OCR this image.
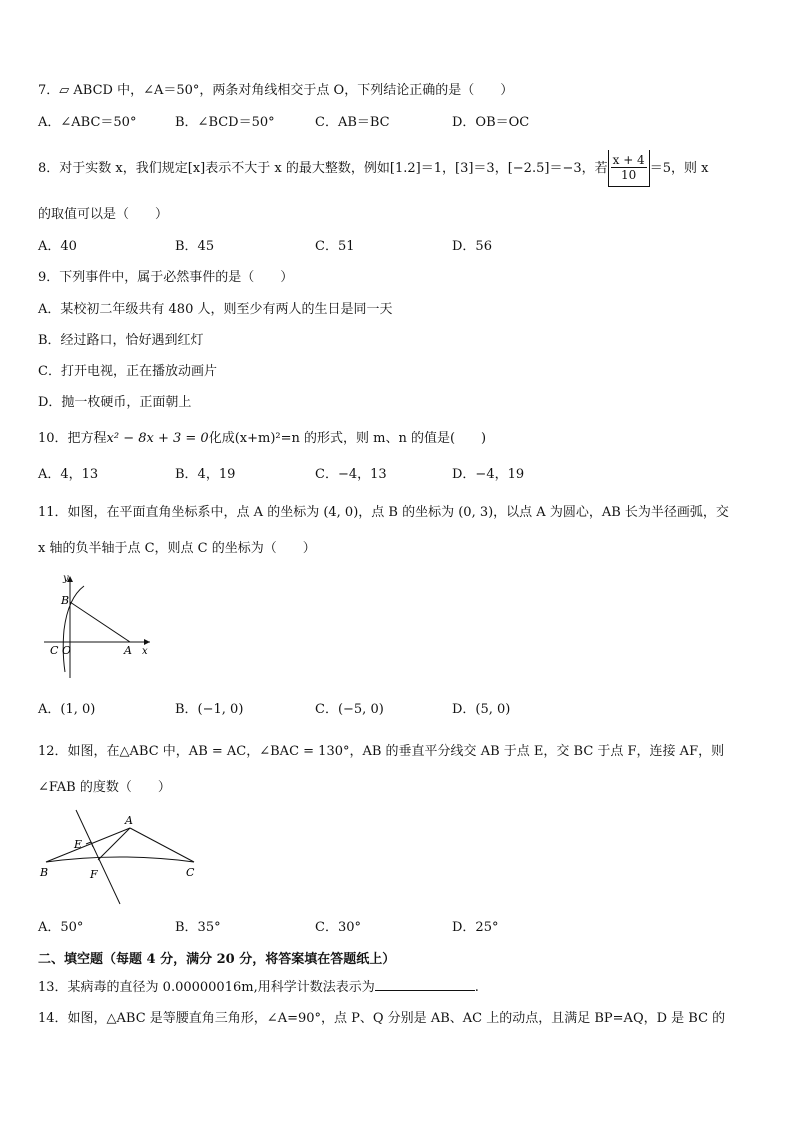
7．▱ ABCD 中，∠A＝50°，两条对角线相交于点 O，下列结论正确的是（　　）
A．∠ABC＝50°	B．∠BCD＝50°	C．AB＝BC	D．OB＝OC
8．对于实数 x，我们规定[x]表示不大于 x 的最大整数，例如[1.2]＝1，[3]＝3，[−2.5]＝−3，若 $\frac{x + 4}{10} =5$，则 x
的取值可以是（　　）
A．40	B．45	C．51	D．56
9．下列事件中，属于必然事件的是（　　）
A．某校初二年级共有 480 人，则至少有两人的生日是同一天
B．经过路口，恰好遇到红灯
C．打开电视，正在播放动画片
D．抛一枚硬币，正面朝上
10．把方程x² − 8x + 3 = 0化成(x+m)²=n 的形式，则 m、n 的值是(　　)
A．4，13	B．4，19	C．−4，13	D．−4，19
11．如图，在平面直角坐标系中，点 A 的坐标为 (4, 0)，点 B 的坐标为 (0, 3)，以点 A 为圆心，AB 长为半径画弧，交
x 轴的负半轴于点 C，则点 C 的坐标为（　　）
y
B
C O	A x
A．(1, 0)	B．(−1, 0)	C．(−5, 0)	D．(5, 0)
12．如图，在△ABC 中，AB = AC，∠BAC = 130°，AB 的垂直平分线交 AB 于点 E，交 BC 于点 F，连接 AF，则
∠FAB 的度数（　　）
A
B	C
E
F
A．50°	B．35°	C．30°	D．25°
二、填空题（每题 4 分，满分 20 分，将答案填在答题纸上）
13．某病毒的直径为 0.00000016m,用科学计数法表示为	.
14．如图，△ABC 是等腰直角三角形，∠A=90°，点 P、Q 分别是 AB、AC 上的动点，且满足 BP=AQ，D 是 BC 的
